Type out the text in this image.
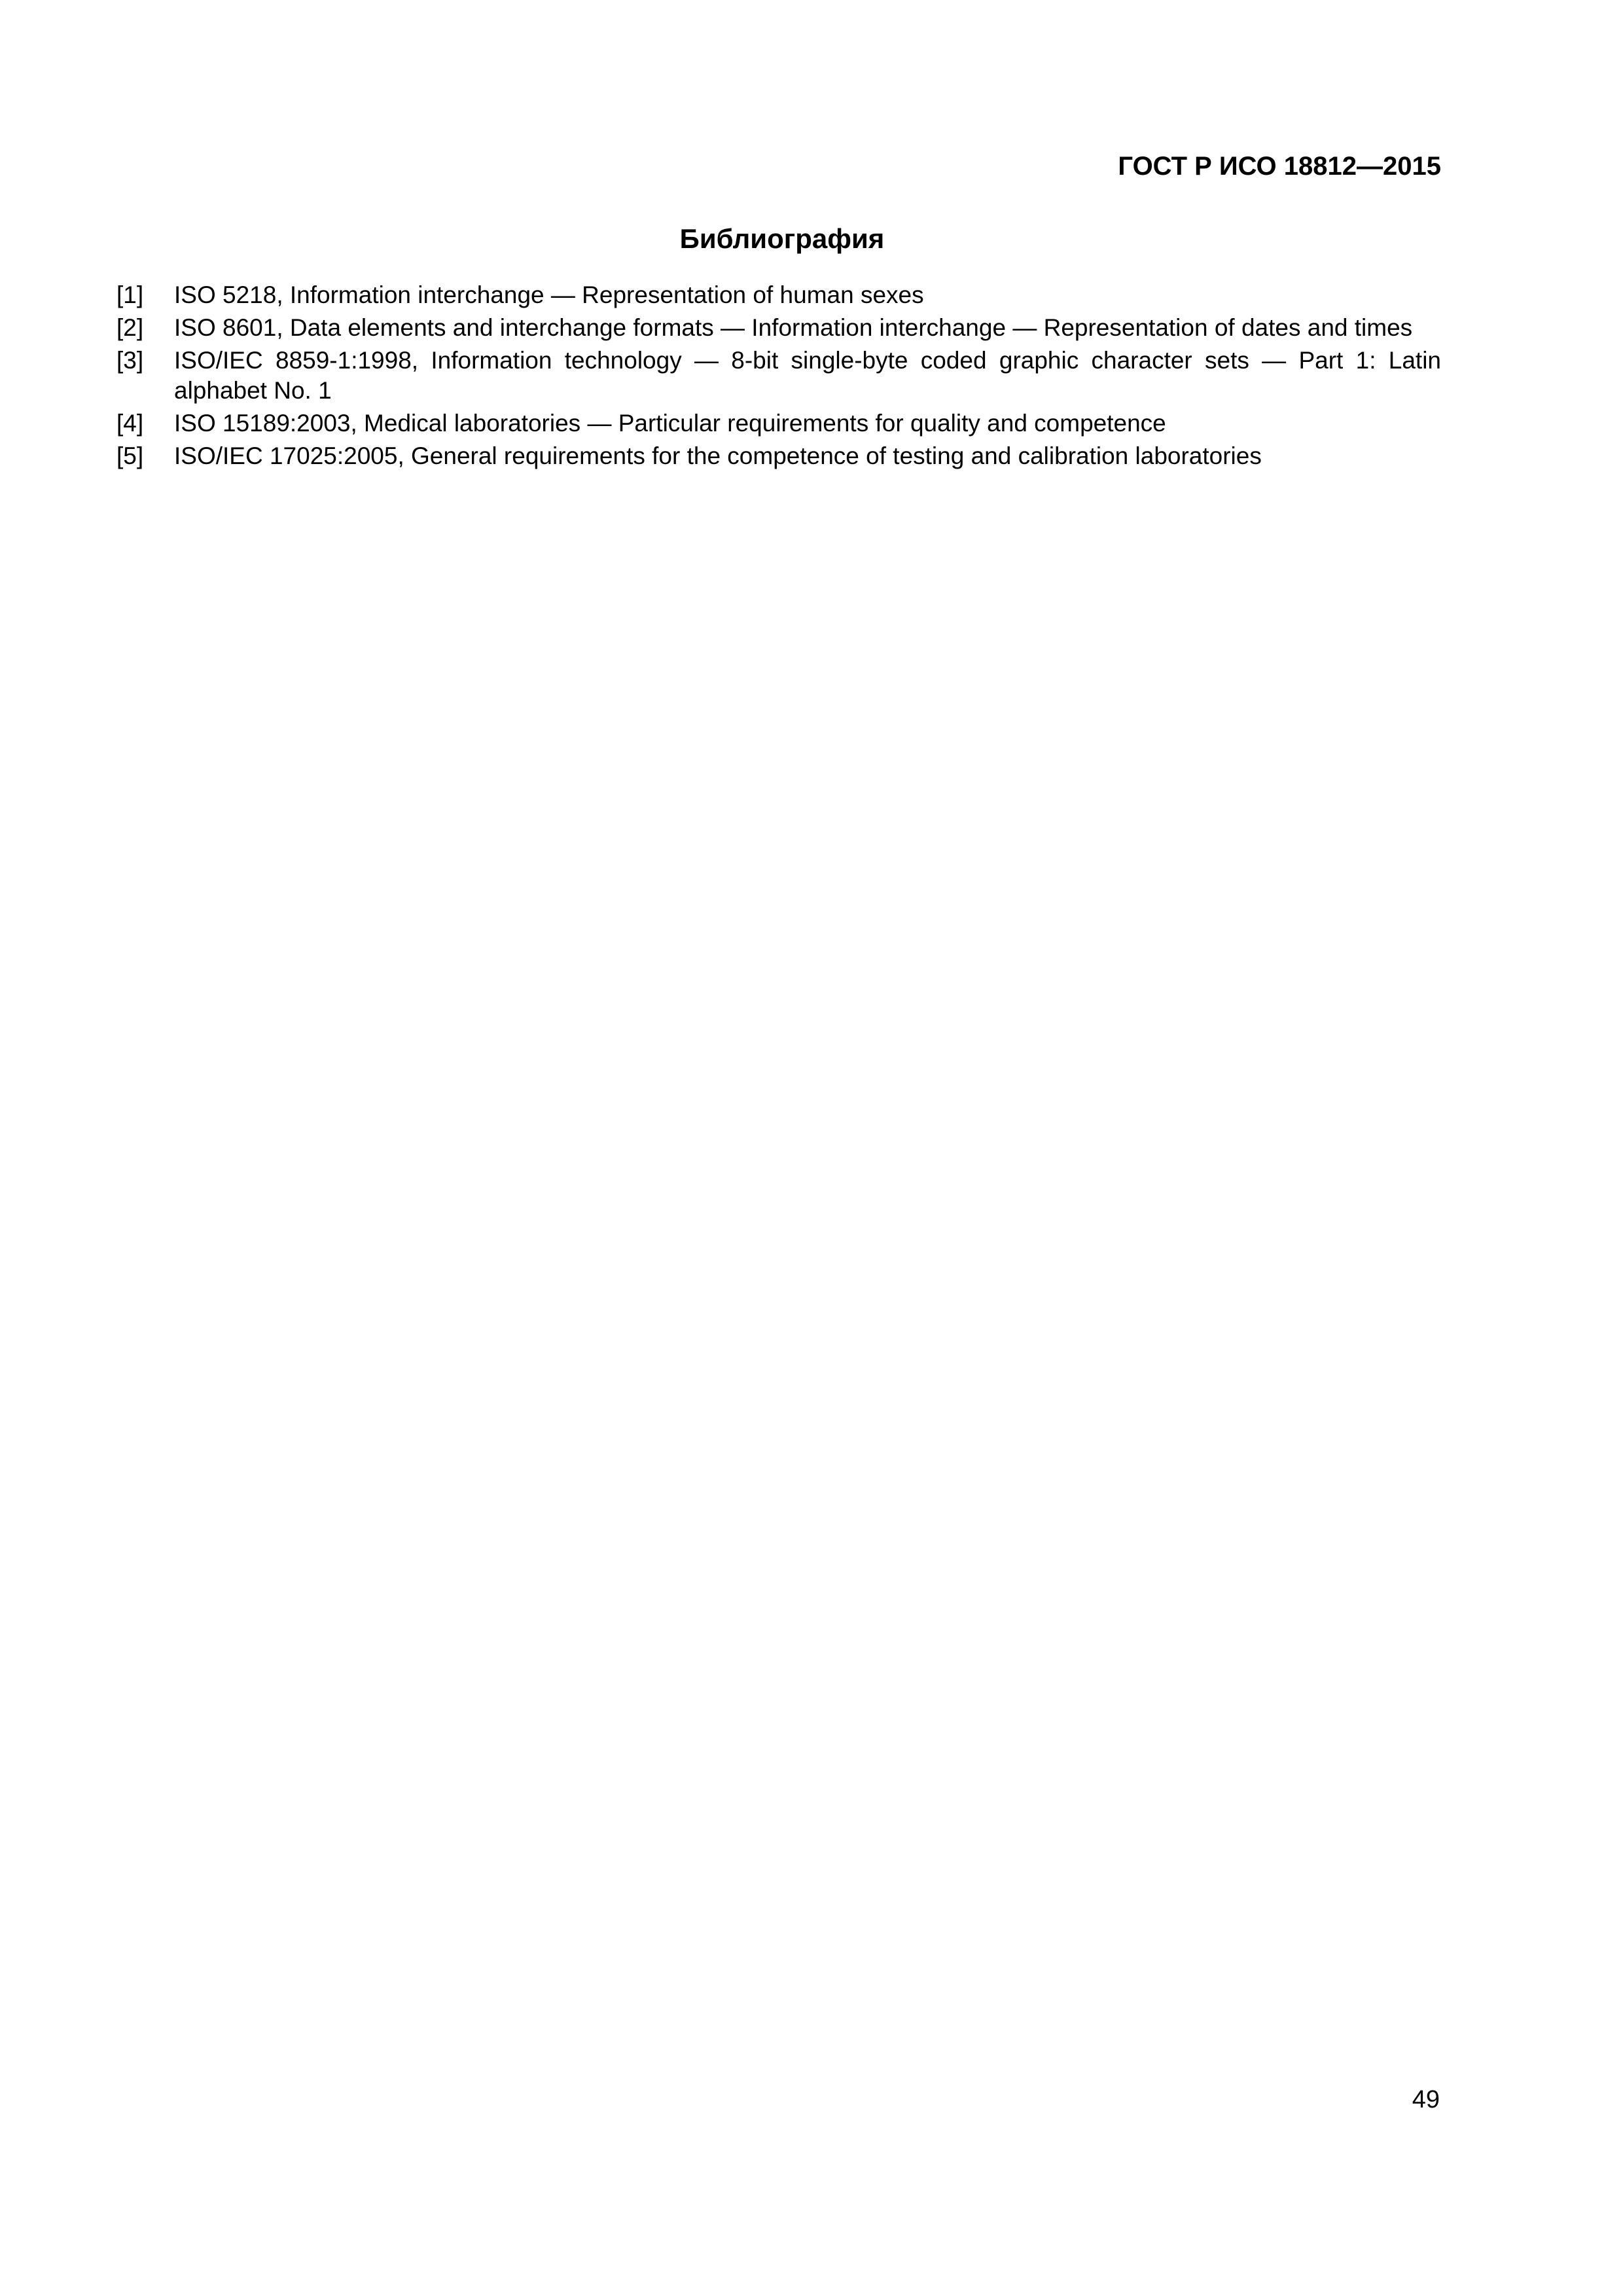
ГОСТ Р ИСО 18812—2015
Библиография
[1] ISO 5218, Information interchange — Representation of human sexes
[2] ISO 8601, Data elements and interchange formats — Information interchange — Representation of dates and times
[3] ISO/IEC 8859-1:1998, Information technology — 8-bit single-byte coded graphic character sets — Part 1: Latin alphabet No. 1
[4] ISO 15189:2003, Medical laboratories — Particular requirements for quality and competence
[5] ISO/IEC 17025:2005, General requirements for the competence of testing and calibration laboratories
49
